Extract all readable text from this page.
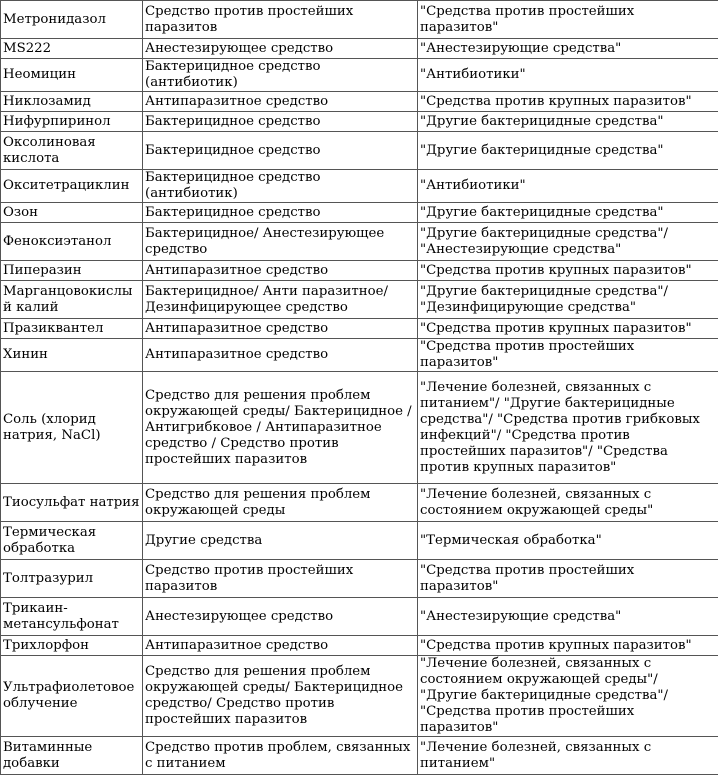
Метронидазол	Средство против простейших паразитов	"Средства против простейших паразитов"
MS222	Анестезирующее средство	"Анестезирующие средства"
Неомицин	Бактерицидное средство (антибиотик)	"Антибиотики"
Никлозамид	Антипаразитное средство	"Средства против крупных паразитов"
Нифурпиринол	Бактерицидное средство	"Другие бактерицидные средства"
Оксолиновая кислота	Бактерицидное средство	"Другие бактерицидные средства"
Окситетрациклин	Бактерицидное средство (антибиотик)	"Антибиотики"
Озон	Бактерицидное средство	"Другие бактерицидные средства"
Феноксиэтанол	Бактерицидное/ Анестезирующее средство	"Другие бактерицидные средства"/ "Анестезирующие средства"
Пиперазин	Антипаразитное средство	"Средства против крупных паразитов"
Марганцовокислый калий	Бактерицидное/ Анти паразитное/ Дезинфицирующее средство	"Другие бактерицидные средства"/ "Дезинфицирующие средства"
Празиквантел	Антипаразитное средство	"Средства против крупных паразитов"
Хинин	Антипаразитное средство	"Средства против простейших паразитов"
Соль (хлорид натрия, NaCl)	Средство для решения проблем окружающей среды/ Бактерицидное / Антигрибковое / Антипаразитное средство / Средство против простейших паразитов	"Лечение болезней, связанных с питанием"/ "Другие бактерицидные средства"/ "Средства против грибковых инфекций"/ "Средства против простейших паразитов"/ "Средства против крупных паразитов"
Тиосульфат натрия	Средство для решения проблем окружающей среды	"Лечение болезней, связанных с состоянием окружающей среды"
Термическая обработка	Другие средства	"Термическая обработка"
Толтразурил	Средство против простейших паразитов	"Средства против простейших паразитов"
Трикаин-метансульфонат	Анестезирующее средство	"Анестезирующие средства"
Трихлорфон	Антипаразитное средство	"Средства против крупных паразитов"
Ультрафиолетовое облучение	Средство для решения проблем окружающей среды/ Бактерицидное средство/ Средство против простейших паразитов	"Лечение болезней, связанных с состоянием окружающей среды"/ "Другие бактерицидные средства"/ "Средства против простейших паразитов"
Витаминные добавки	Средство против проблем, связанных с питанием	"Лечение болезней, связанных с питанием"
